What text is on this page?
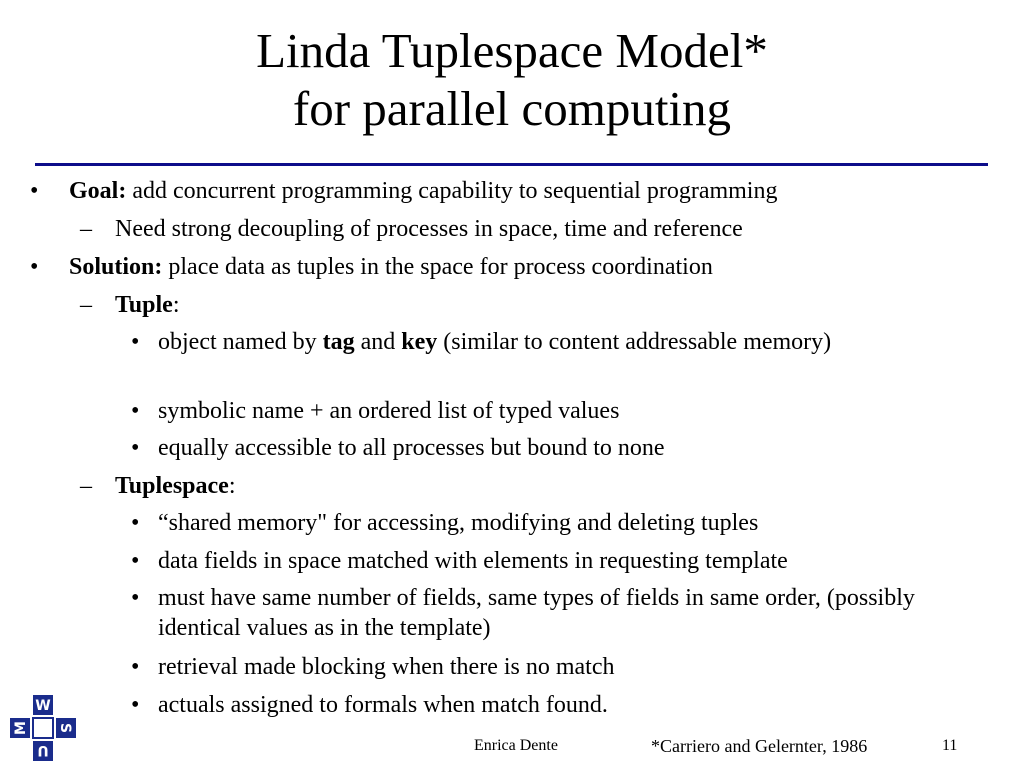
Linda Tuplespace Model*
for parallel computing
• Goal: add concurrent programming capability to sequential programming
– Need strong decoupling of processes in space, time and reference
• Solution: place data as tuples in the space for process coordination
– Tuple:
• object named by tag and key (similar to content addressable memory)
• symbolic name + an ordered list of typed values
• equally accessible to all processes but bound to none
– Tuplespace:
• “shared memory" for accessing, modifying and deleting tuples
• data fields in space matched with elements in requesting template
• must have same number of fields, same types of fields in same order, (possibly identical values as in the template)
• retrieval made blocking when there is no match
• actuals assigned to formals when match found.
W
S
U
M
Enrica Dente	*Carriero and Gelernter, 1986	11
